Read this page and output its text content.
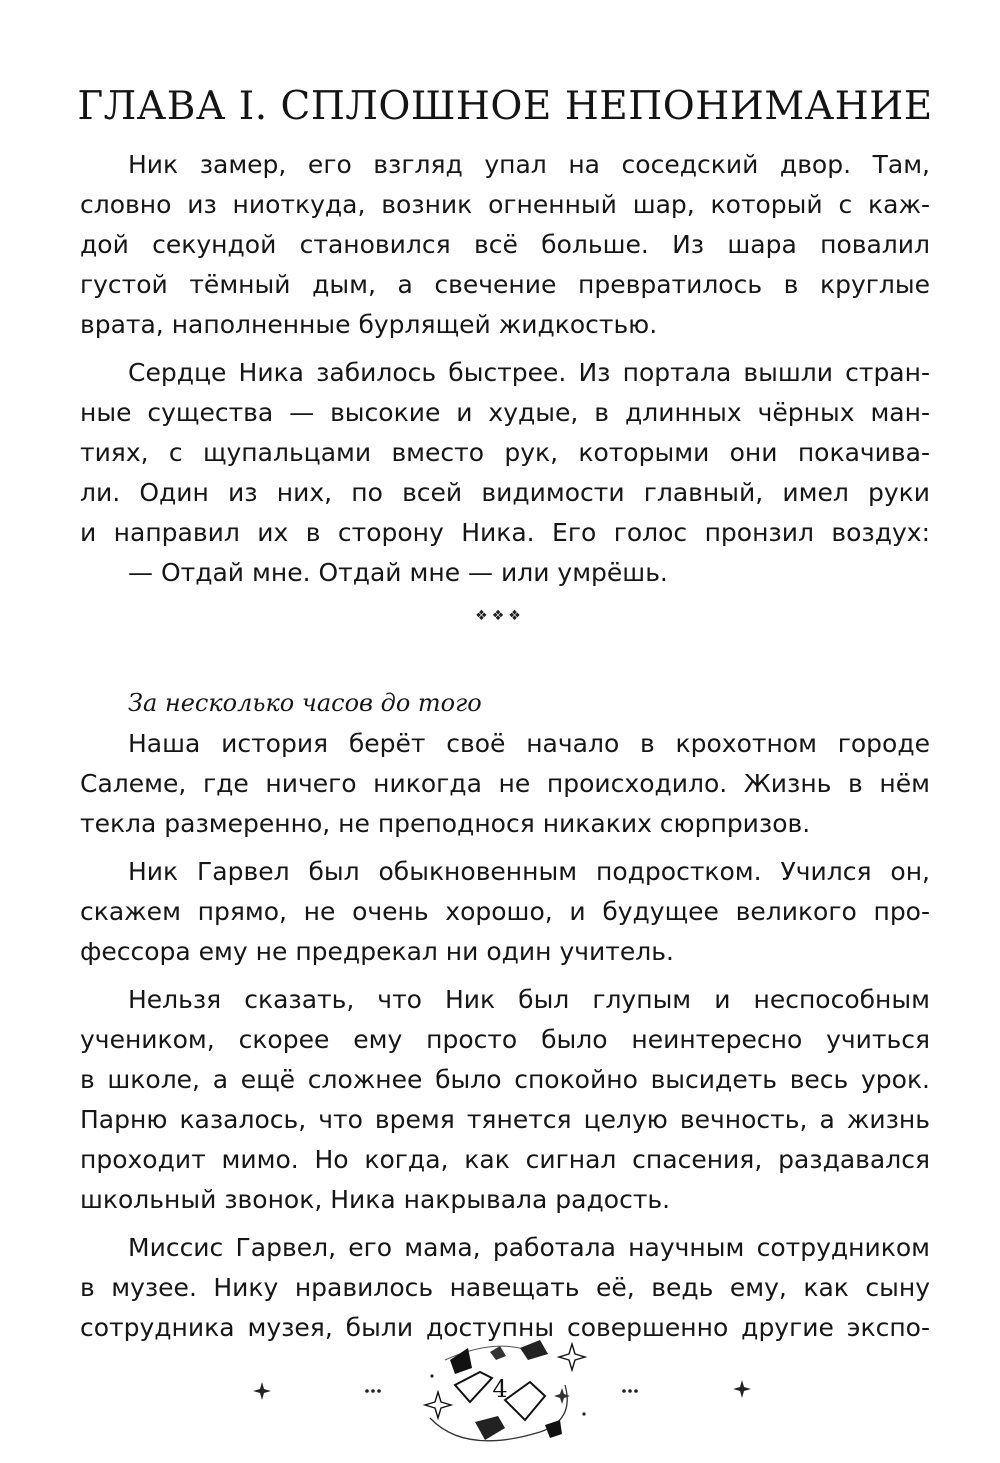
ГЛАВА I. СПЛОШНОЕ НЕПОНИМАНИЕ
Ник замер, его взгляд упал на соседский двор. Там,
словно из ниоткуда, возник огненный шар, который с каж-
дой секундой становился всё больше. Из шара повалил
густой тёмный дым, а свечение превратилось в круглые
врата, наполненные бурлящей жидкостью.
Сердце Ника забилось быстрее. Из портала вышли стран-
ные существа — высокие и худые, в длинных чёрных ман-
тиях, с щупальцами вместо рук, которыми они покачива-
ли. Один из них, по всей видимости главный, имел руки
и направил их в сторону Ника. Его голос пронзил воздух:
— Отдай мне. Отдай мне — или умрёшь.
❖❖❖
За несколько часов до того
Наша история берёт своё начало в крохотном городе
Салеме, где ничего никогда не происходило. Жизнь в нём
текла размеренно, не преподнося никаких сюрпризов.
Ник Гарвел был обыкновенным подростком. Учился он,
скажем прямо, не очень хорошо, и будущее великого про-
фессора ему не предрекал ни один учитель.
Нельзя сказать, что Ник был глупым и неспособным
учеником, скорее ему просто было неинтересно учиться
в школе, а ещё сложнее было спокойно высидеть весь урок.
Парню казалось, что время тянется целую вечность, а жизнь
проходит мимо. Но когда, как сигнал спасения, раздавался
школьный звонок, Ника накрывала радость.
Миссис Гарвел, его мама, работала научным сотрудником
в музее. Нику нравилось навещать её, ведь ему, как сыну
сотрудника музея, были доступны совершенно другие экспо-
4
